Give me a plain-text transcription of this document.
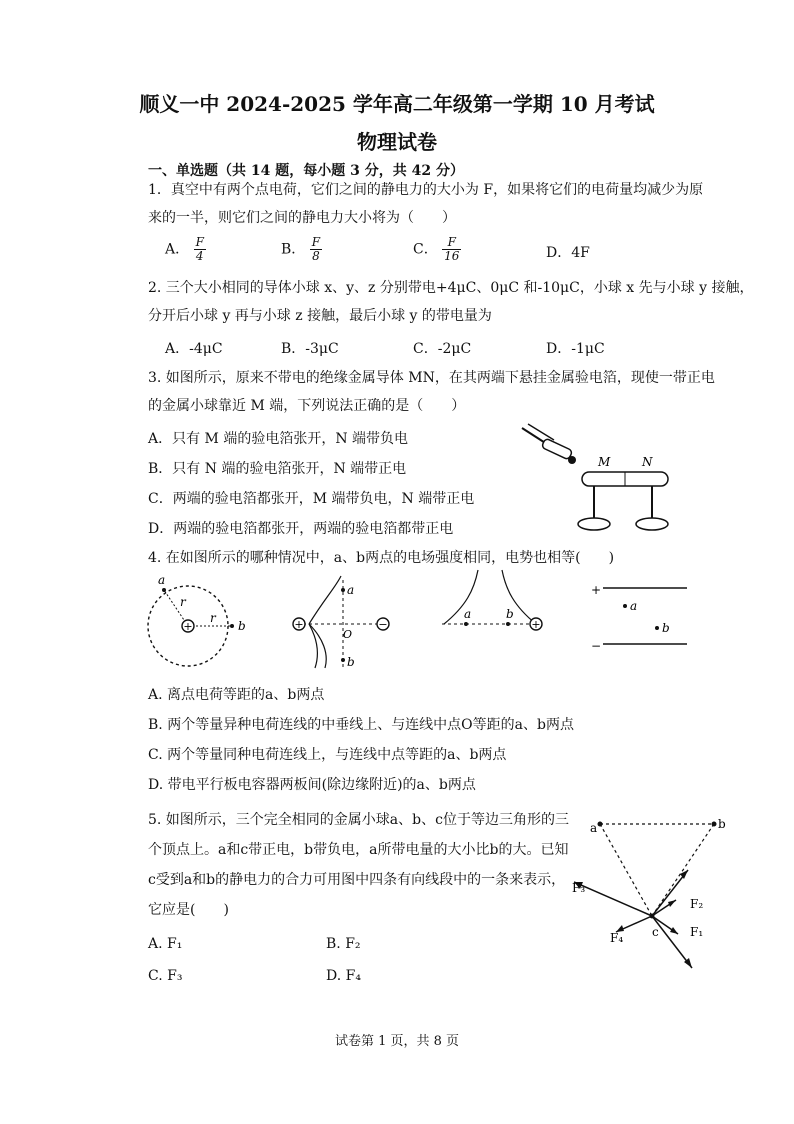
顺义一中 2024-2025 学年高二年级第一学期 10 月考试
物理试卷
一、单选题（共 14 题，每小题 3 分，共 42 分）
1．真空中有两个点电荷，它们之间的静电力的大小为 F，如果将它们的电荷量均减少为原
来的一半，则它们之间的静电力大小将为（　　）
A． $\frac{F}{4}$	B． $\frac{F}{8}$	C． $\frac{F}{16}$	D．4F
2. 三个大小相同的导体小球 x、y、z 分别带电+4μC、0μC 和-10μC，小球 x 先与小球 y 接触，
分开后小球 y 再与小球 z 接触，最后小球 y 的带电量为
A．-4μC	B．-3μC	C．-2μC	D．-1μC
3. 如图所示，原来不带电的绝缘金属导体 MN，在其两端下悬挂金属验电箔，现使一带正电
的金属小球靠近 M 端，下列说法正确的是（　　）
A．只有 M 端的验电箔张开，N 端带负电
B．只有 N 端的验电箔张开，N 端带正电
C．两端的验电箔都张开，M 端带负电，N 端带正电
D．两端的验电箔都张开，两端的验电箔都带正电
M	N
4. 在如图所示的哪种情况中，a、b两点的电场强度相同，电势也相等(　　)
+
a
b
r
r	+	−
a
b
O
+
a	b
+
−
a
b
A. 离点电荷等距的a、b两点
B. 两个等量异种电荷连线的中垂线上、与连线中点O等距的a、b两点
C. 两个等量同种电荷连线上，与连线中点等距的a、b两点
D. 带电平行板电容器两板间(除边缘附近)的a、b两点
5. 如图所示，三个完全相同的金属小球a、b、c位于等边三角形的三
个顶点上。a和c带正电，b带负电，a所带电量的大小比b的大。已知
c受到a和b的静电力的合力可用图中四条有向线段中的一条来表示，
它应是(　　)
A. F₁	B. F₂
C. F₃	D. F₄
a	b
c
F₃
F₂
F₄	F₁
试卷第 1 页，共 8 页
